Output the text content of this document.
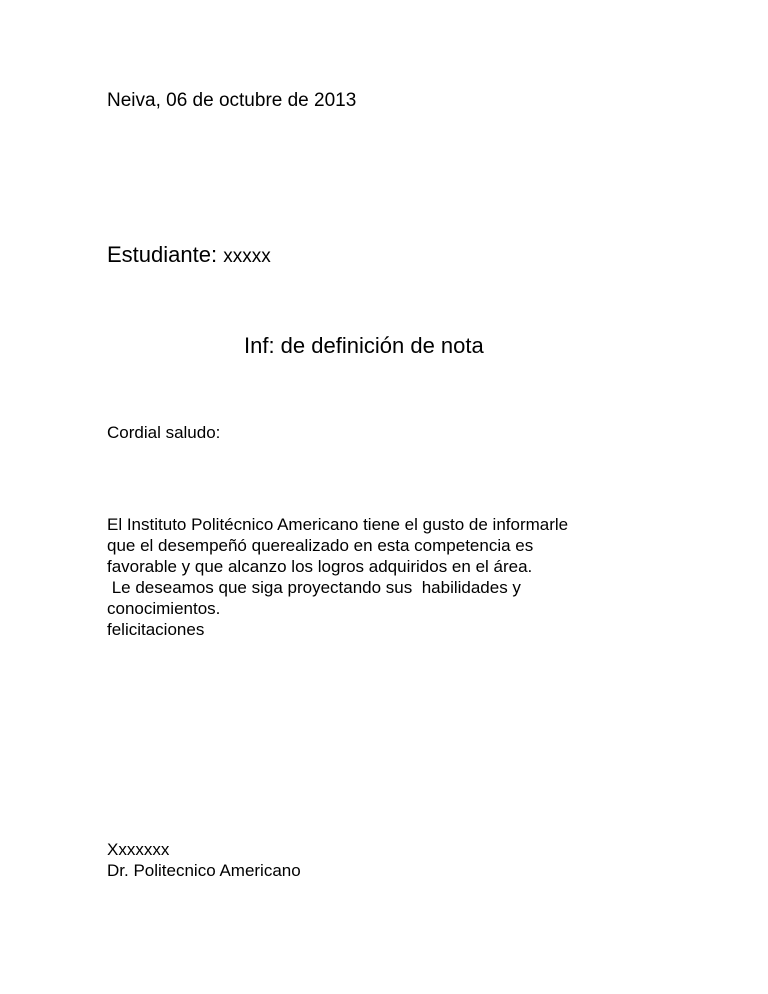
Neiva, 06 de octubre de 2013

Estudiante: xxxxx

Inf: de definición de nota

Cordial saludo:

El Instituto Politécnico Americano tiene el gusto de informarle
que el desempeñó querealizado en esta competencia es
favorable y que alcanzo los logros adquiridos en el área.
Le deseamos que siga proyectando sus  habilidades y
conocimientos.
felicitaciones

Xxxxxxx

Dr. Politecnico Americano
